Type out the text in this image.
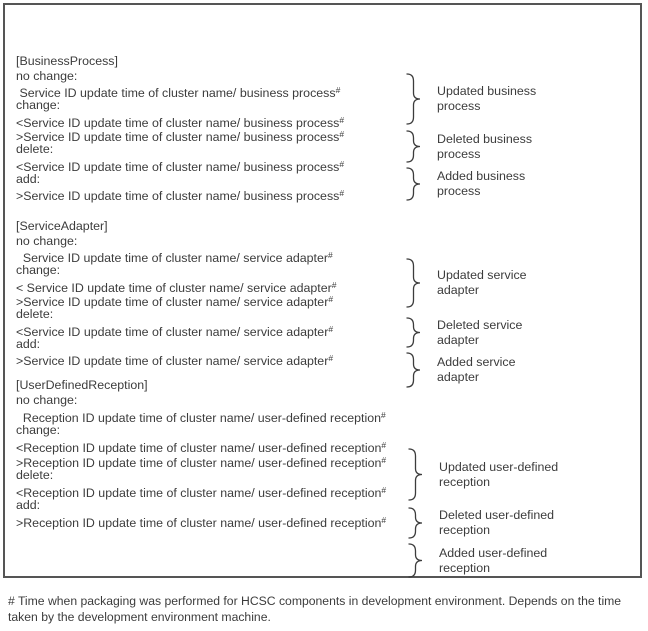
[BusinessProcess]
no change:
Service ID update time of cluster name/ business process#
change:
<Service ID update time of cluster name/ business process#
>Service ID update time of cluster name/ business process#
delete:
<Service ID update time of cluster name/ business process#
add:
>Service ID update time of cluster name/ business process#
[ServiceAdapter]
no change:
Service ID update time of cluster name/ service adapter#
change:
< Service ID update time of cluster name/ service adapter#
>Service ID update time of cluster name/ service adapter#
delete:
<Service ID update time of cluster name/ service adapter#
add:
>Service ID update time of cluster name/ service adapter#
[UserDefinedReception]
no change:
Reception ID update time of cluster name/ user-defined reception#
change:
<Reception ID update time of cluster name/ user-defined reception#
>Reception ID update time of cluster name/ user-defined reception#
delete:
<Reception ID update time of cluster name/ user-defined reception#
add:
>Reception ID update time of cluster name/ user-defined reception#
Updated business
process
Deleted business
process
Added business
process
Updated service
adapter
Deleted service
adapter
Added service
adapter
Updated user-defined
reception
Deleted user-defined
reception
Added user-defined
reception
# Time when packaging was performed for HCSC components in development environment. Depends on the time taken by the development environment machine.
